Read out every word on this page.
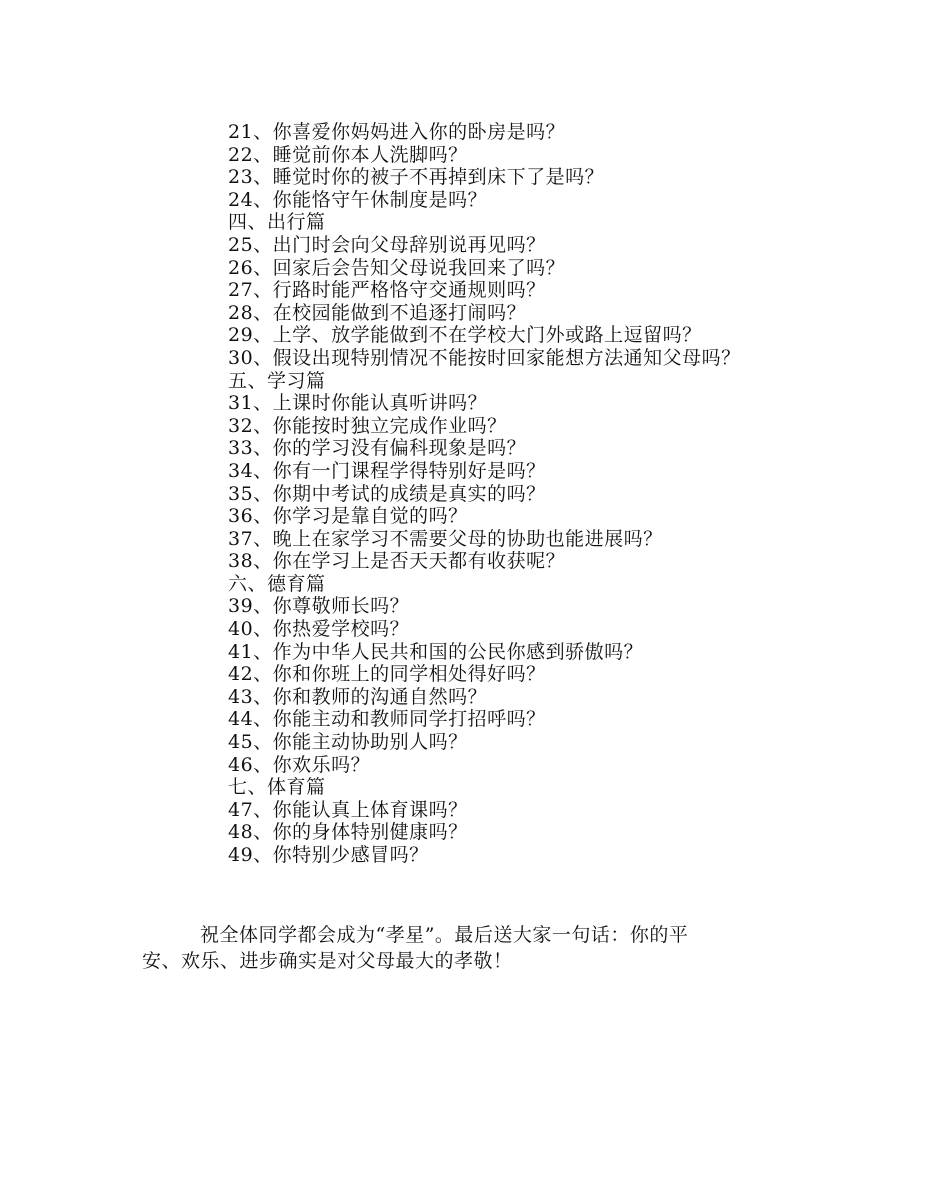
21、你喜爱你妈妈进入你的卧房是吗？
22、睡觉前你本人洗脚吗？
23、睡觉时你的被子不再掉到床下了是吗？
24、你能恪守午休制度是吗？
四、出行篇
25、出门时会向父母辞别说再见吗？
26、回家后会告知父母说我回来了吗？
27、行路时能严格恪守交通规则吗？
28、在校园能做到不追逐打闹吗？
29、上学、放学能做到不在学校大门外或路上逗留吗？
30、假设出现特别情况不能按时回家能想方法通知父母吗？
五、学习篇
31、上课时你能认真听讲吗？
32、你能按时独立完成作业吗？
33、你的学习没有偏科现象是吗？
34、你有一门课程学得特别好是吗？
35、你期中考试的成绩是真实的吗？
36、你学习是靠自觉的吗？
37、晚上在家学习不需要父母的协助也能进展吗？
38、你在学习上是否天天都有收获呢？
六、德育篇
39、你尊敬师长吗？
40、你热爱学校吗？
41、作为中华人民共和国的公民你感到骄傲吗？
42、你和你班上的同学相处得好吗？
43、你和教师的沟通自然吗？
44、你能主动和教师同学打招呼吗？
45、你能主动协助别人吗？
46、你欢乐吗？
七、体育篇
47、你能认真上体育课吗？
48、你的身体特别健康吗？
49、你特别少感冒吗？
祝全体同学都会成为“孝星”。最后送大家一句话：你的平
安、欢乐、进步确实是对父母最大的孝敬！
